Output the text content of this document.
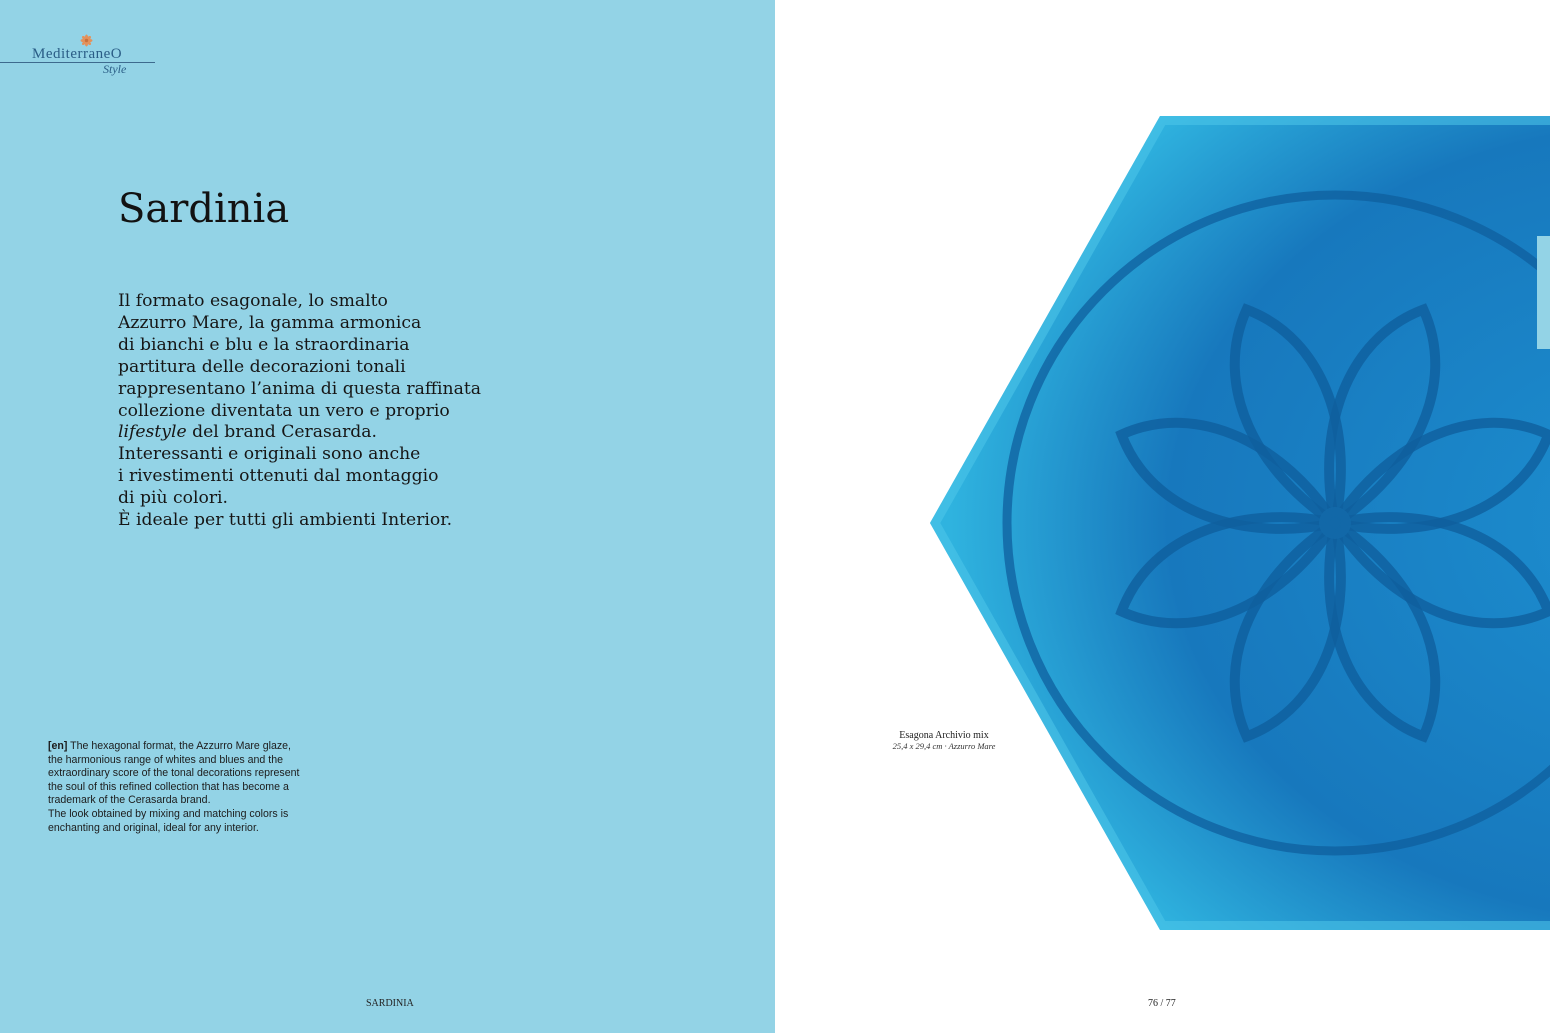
MediterraneO
Style
Sardinia
Il formato esagonale, lo smalto
Azzurro Mare, la gamma armonica
di bianchi e blu e la straordinaria
partitura delle decorazioni tonali
rappresentano l’anima di questa raffinata
collezione diventata un vero e proprio
lifestyle del brand Cerasarda.
Interessanti e originali sono anche
i rivestimenti ottenuti dal montaggio
di più colori.
È ideale per tutti gli ambienti Interior.
[en] The hexagonal format, the Azzurro Mare glaze,
the harmonious range of whites and blues and the
extraordinary score of the tonal decorations represent
the soul of this refined collection that has become a
trademark of the Cerasarda brand.
The look obtained by mixing and matching colors is
enchanting and original, ideal for any interior.
SARDINIA
Esagona Archivio mix
25,4 x 29,4 cm · Azzurro Mare
76 / 77
